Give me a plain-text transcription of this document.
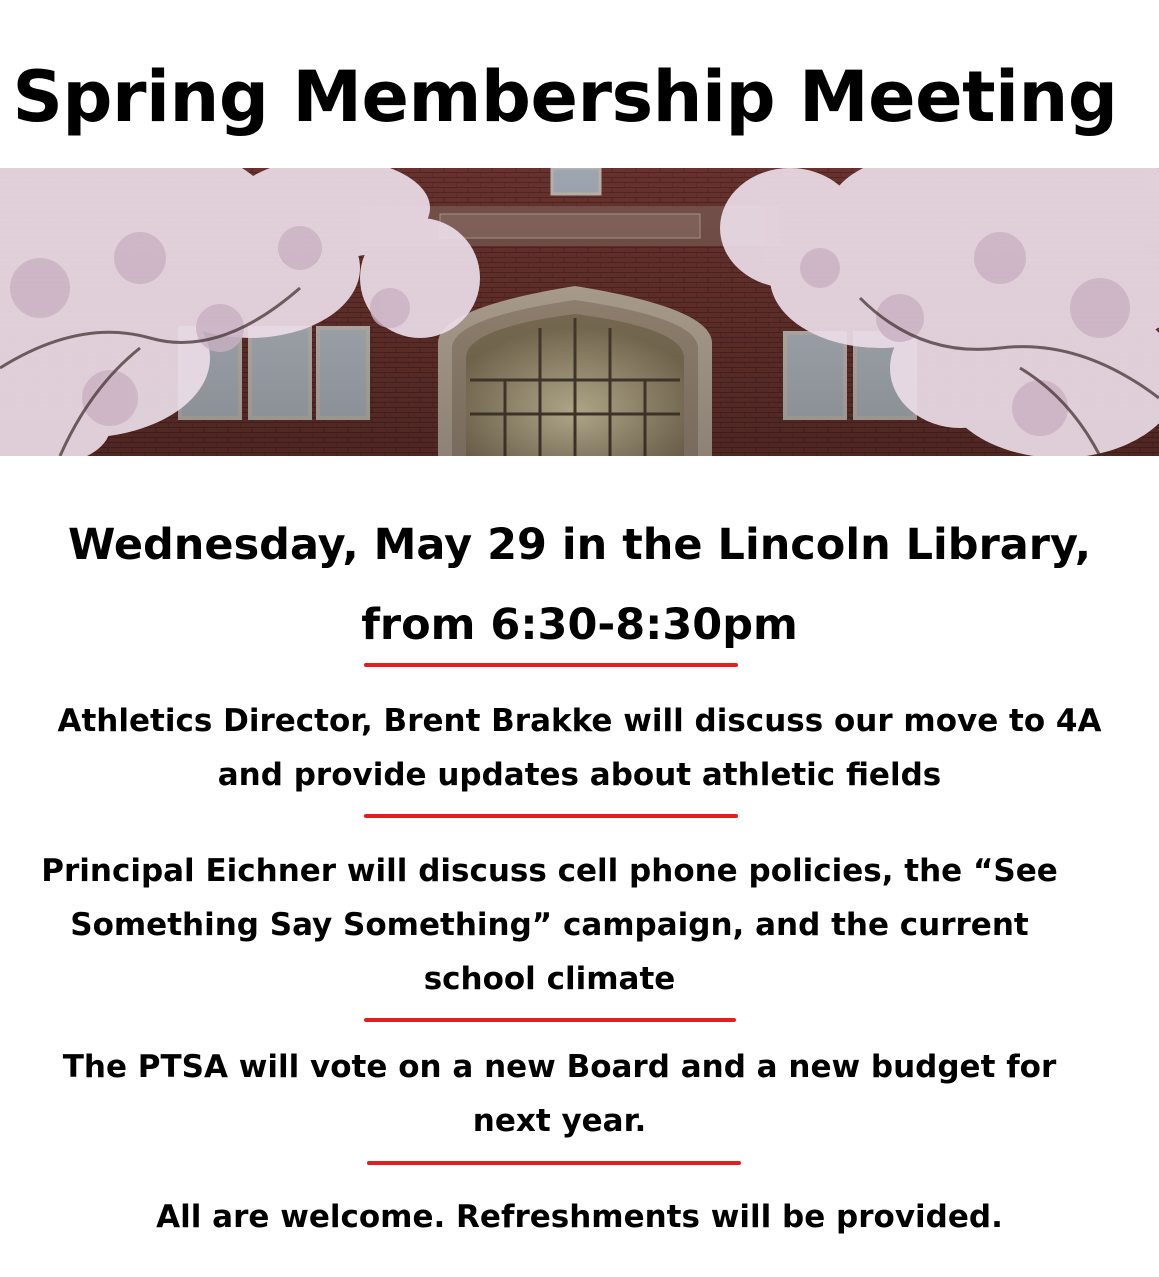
Spring Membership Meeting

Wednesday, May 29 in the Lincoln Library,
from 6:30-8:30pm

Athletics Director, Brent Brakke will discuss our move to 4A
and provide updates about athletic fields

Principal Eichner will discuss cell phone policies, the “See
Something Say Something” campaign, and the current
school climate

The PTSA will vote on a new Board and a new budget for
next year.

All are welcome. Refreshments will be provided.
